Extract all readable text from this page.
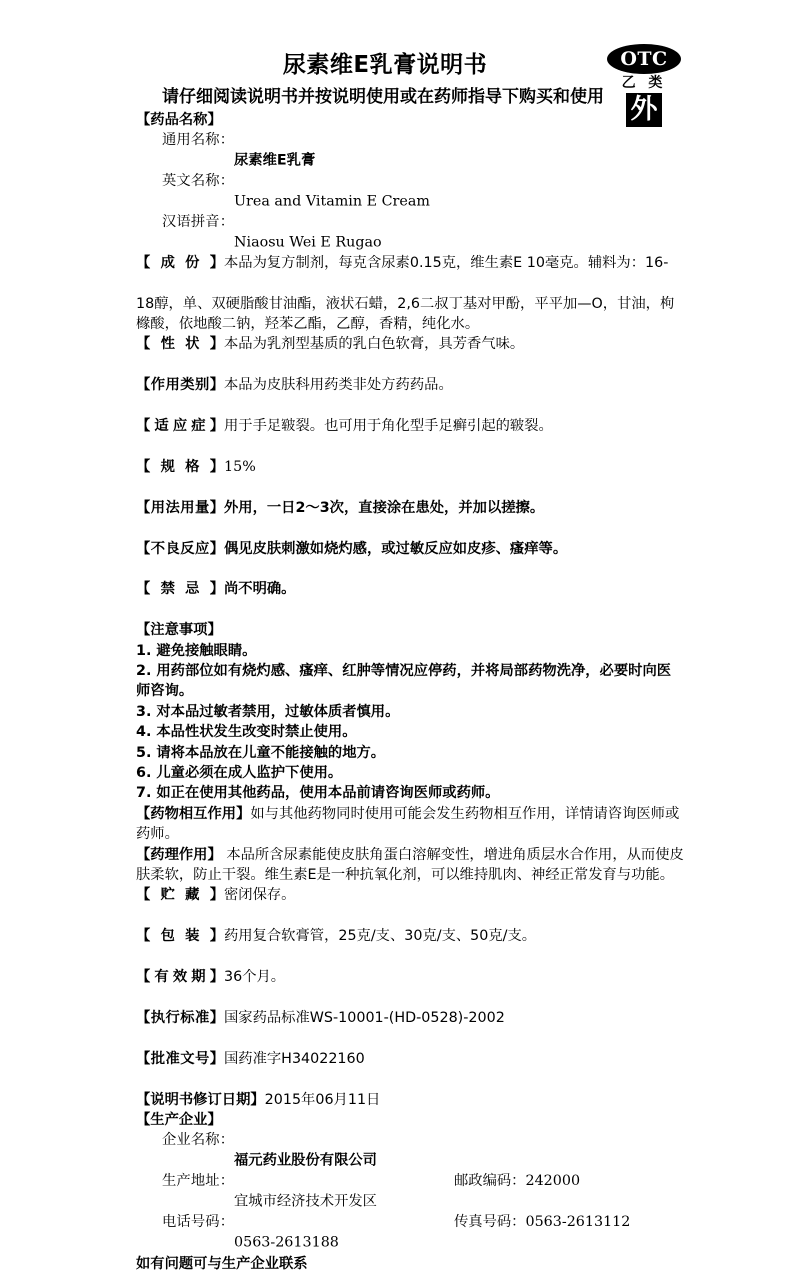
OTC
乙 类
外
尿素维E乳膏说明书
请仔细阅读说明书并按说明使用或在药师指导下购买和使用
【药品名称】
通用名称：尿素维E乳膏
英文名称：Urea and Vitamin E Cream
汉语拼音：Niaosu Wei E Rugao
【成份】本品为复方制剂，每克含尿素0.15克，维生素E 10毫克。辅料为：16-18醇，单、双硬脂酸甘油酯，液状石蜡，2,6二叔丁基对甲酚，平平加—O，甘油，枸橼酸，依地酸二钠，羟苯乙酯，乙醇，香精，纯化水。
【性状】本品为乳剂型基质的乳白色软膏，具芳香气味。
【作用类别】本品为皮肤科用药类非处方药药品。
【适应症】用于手足皲裂。也可用于角化型手足癣引起的皲裂。
【规格】15%
【用法用量】外用，一日2～3次，直接涂在患处，并加以搓擦。
【不良反应】偶见皮肤刺激如烧灼感，或过敏反应如皮疹、瘙痒等。
【禁忌】尚不明确。
【注意事项】
1. 避免接触眼睛。
2. 用药部位如有烧灼感、瘙痒、红肿等情况应停药，并将局部药物洗净，必要时向医师咨询。
3. 对本品过敏者禁用，过敏体质者慎用。
4. 本品性状发生改变时禁止使用。
5. 请将本品放在儿童不能接触的地方。
6. 儿童必须在成人监护下使用。
7. 如正在使用其他药品，使用本品前请咨询医师或药师。
【药物相互作用】如与其他药物同时使用可能会发生药物相互作用，详情请咨询医师或药师。
【药理作用】 本品所含尿素能使皮肤角蛋白溶解变性，增进角质层水合作用，从而使皮肤柔软，防止干裂。维生素E是一种抗氧化剂，可以维持肌肉、神经正常发育与功能。
【贮藏】密闭保存。
【包装】药用复合软膏管，25克/支、30克/支、50克/支。
【有效期】36个月。
【执行标准】国家药品标准WS-10001-(HD-0528)-2002
【批准文号】国药准字H34022160
【说明书修订日期】2015年06月11日
【生产企业】
企业名称：福元药业股份有限公司
生产地址：宜城市经济技术开发区
邮政编码：242000
电话号码：0563-2613188
传真号码：0563-2613112
如有问题可与生产企业联系
